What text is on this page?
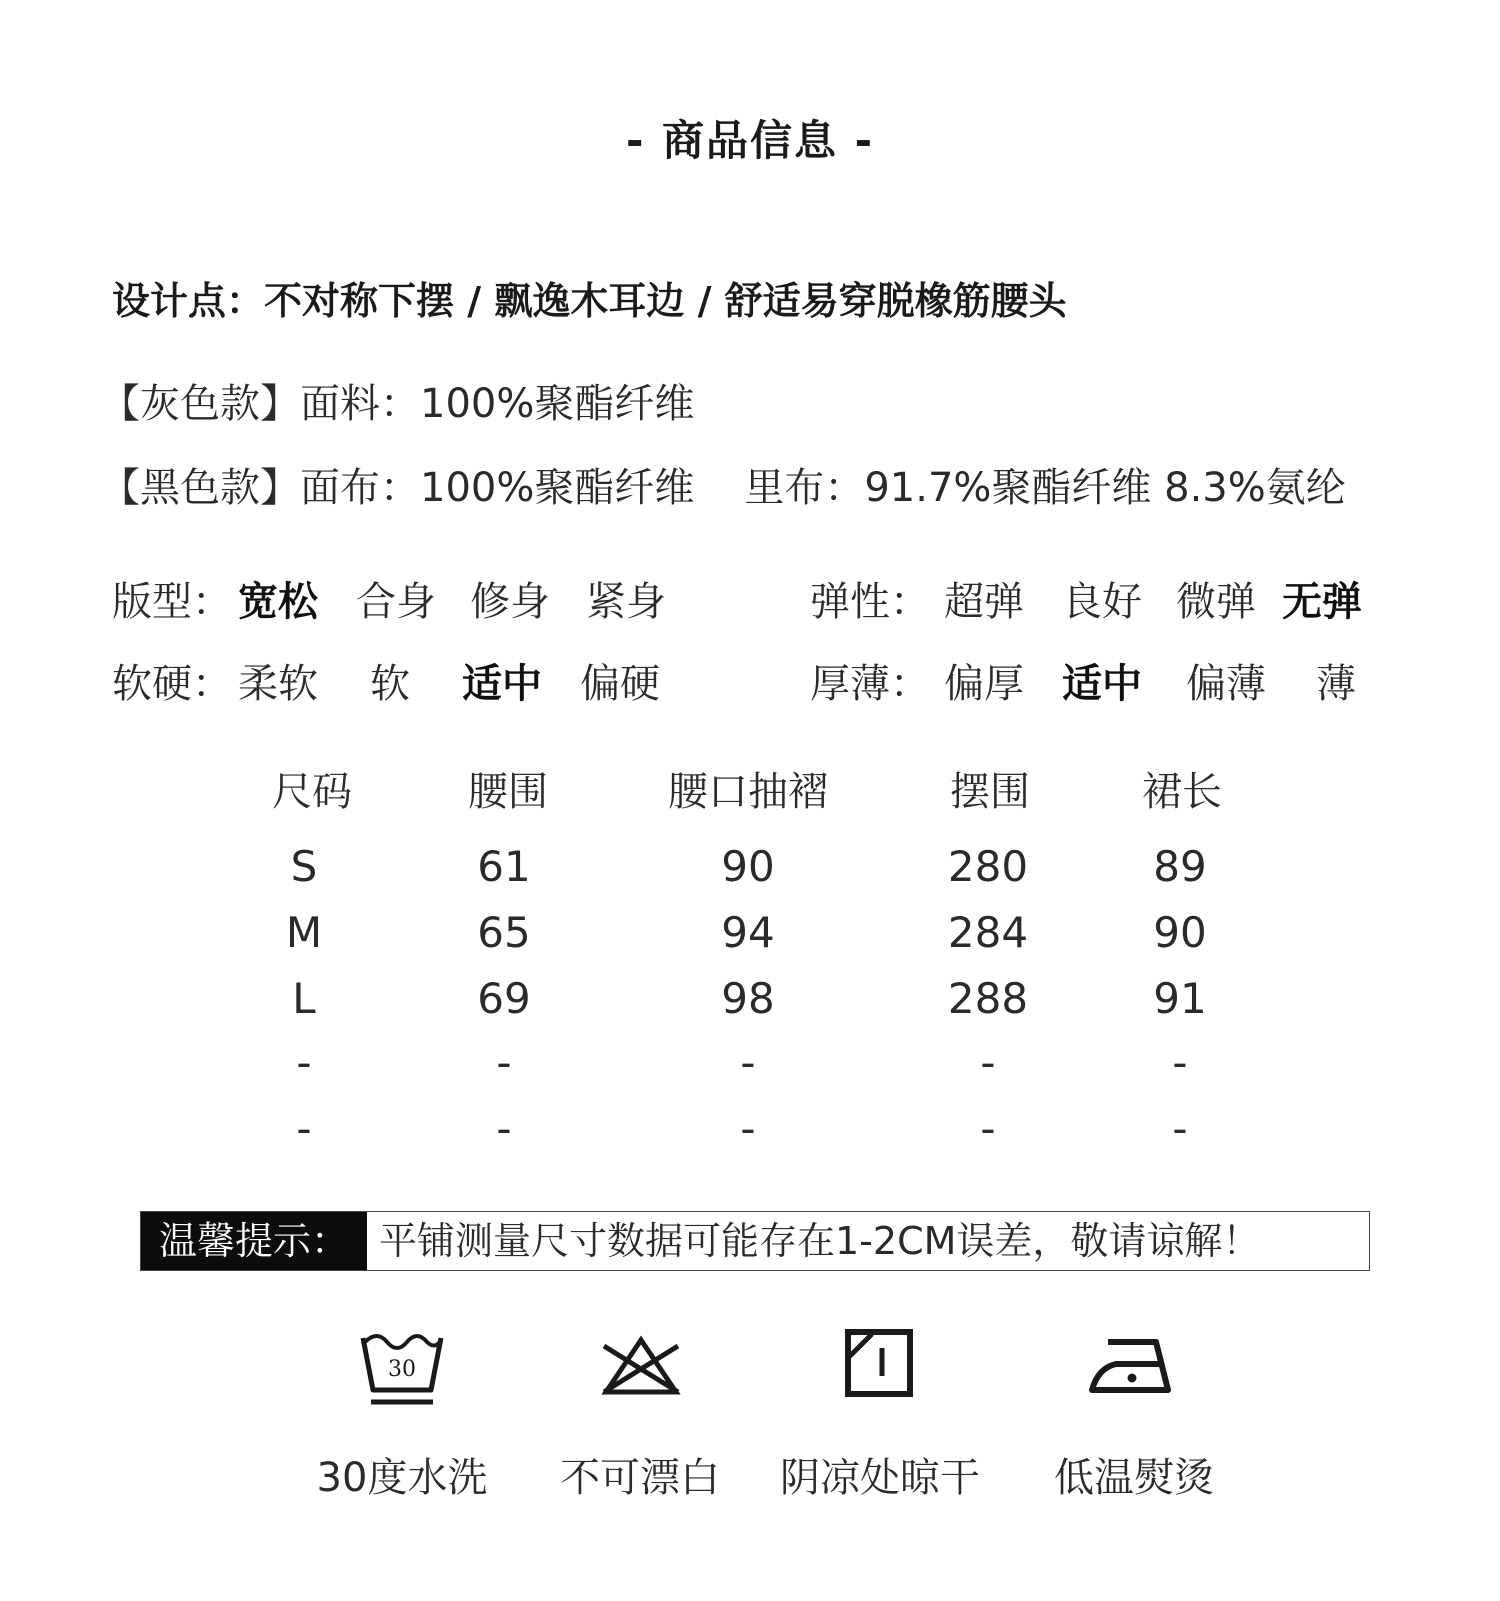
- 商品信息 -
设计点：不对称下摆 / 飘逸木耳边 / 舒适易穿脱橡筋腰头
【灰色款】面料：100%聚酯纤维
【黑色款】面布：100%聚酯纤维 里布：91.7%聚酯纤维 8.3%氨纶
版型： 宽松 合身 修身 紧身	弹性： 超弹 良好 微弹 无弹
软硬： 柔软 软 适中 偏硬	厚薄： 偏厚 适中 偏薄 薄
尺码	腰围	腰口抽褶	摆围	裙长
S	61	90	280	89
M	65	94	284	90
L	69	98	288	91
-	-	-	-	-
-	-	-	-	-
温馨提示： 平铺测量尺寸数据可能存在1-2CM误差，敬请谅解！
30
30度水洗	不可漂白	阴凉处晾干	低温熨烫
